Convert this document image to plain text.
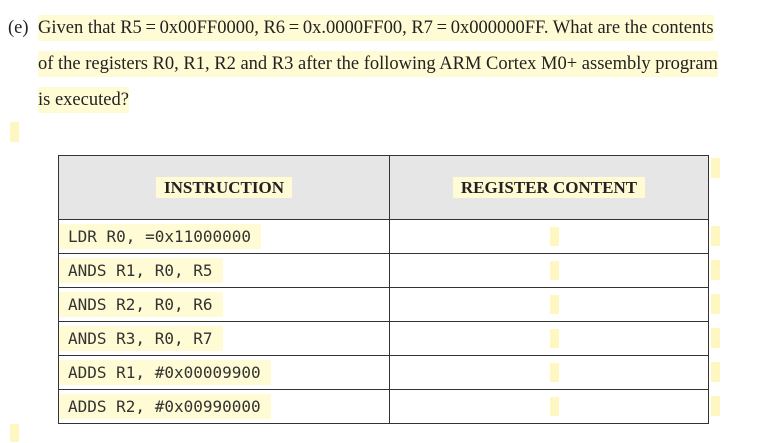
(e) Given that R5 = 0x00FF0000, R6 = 0x.0000FF00, R7 = 0x000000FF. What are the contents
of the registers R0, R1, R2 and R3 after the following ARM Cortex M0+ assembly program
is executed?
INSTRUCTION	REGISTER CONTENT
LDR R0, =0x11000000	

ANDS R1, R0, R5	

ANDS R2, R0, R6	

ANDS R3, R0, R7	

ADDS R1, #0x00009900	

ADDS R2, #0x00990000	
